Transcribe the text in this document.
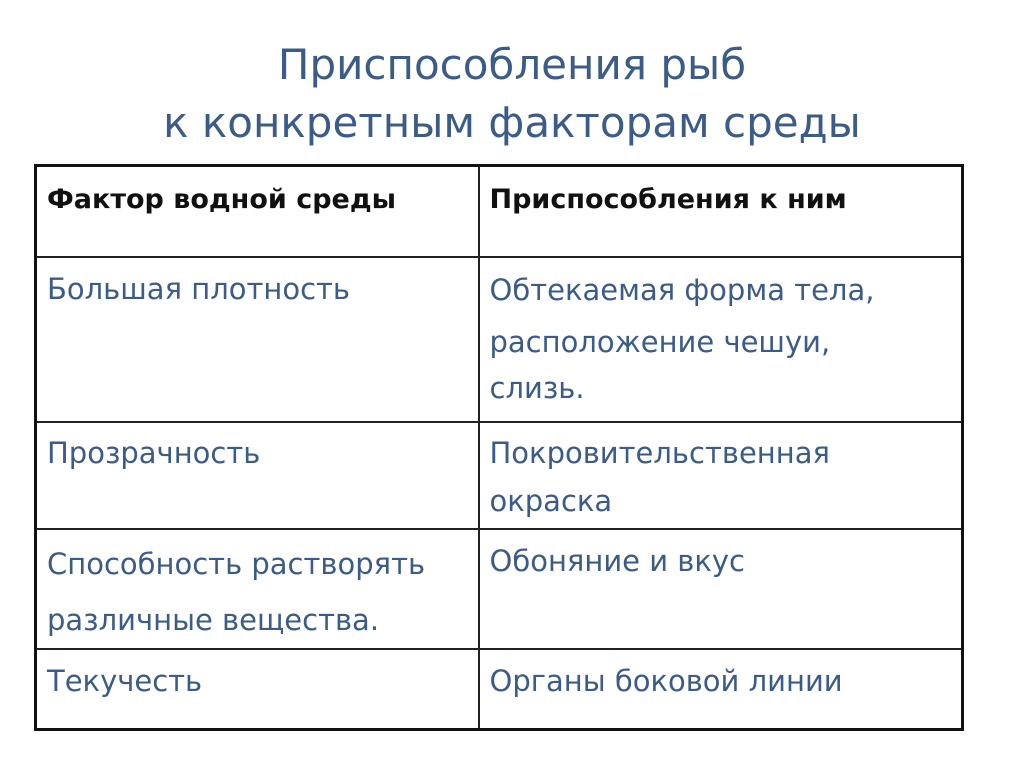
Приспособления рыб
к конкретным факторам среды
Фактор водной среды	Приспособления к ним

Большая плотность	Обтекаемая форма тела,
расположение чешуи,
слизь.

Прозрачность	Покровительственная
окраска

Способность растворять
различные вещества.	Обоняние и вкус

Текучесть	Органы боковой линии
